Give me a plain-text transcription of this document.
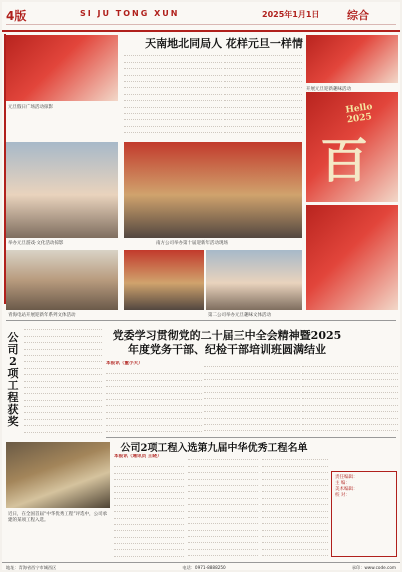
4版	SI JU TONG XUN	2025年1月1日	综合
天南地北同局人 花样元旦一样情
元旦假日广场活动掠影
开展元旦迎新趣味活动
Hello 2025
百
举办元旦游戏·文化活动掠影	南方公司举办第十届迎新年活动现场
青海电站开展迎新年系列文体活动	第二公司举办元旦趣味文体活动
公司2项工程获奖
党委学习贯彻党的二十届三中全会精神暨2025
年度党务干部、纪检干部培训班圆满结业
本报讯（董小天）
公司2项工程入选第九届中华优秀工程名单
近日，在全国首届“中华优秀工程”评选中，公司承建的某项工程入选。
本报讯（通讯员 王晓）
责任编辑：
主 编：
美术编辑：
校 对：
地址：青海省西宁市城西区	电话：0971-8888250	承印：www.code.com
